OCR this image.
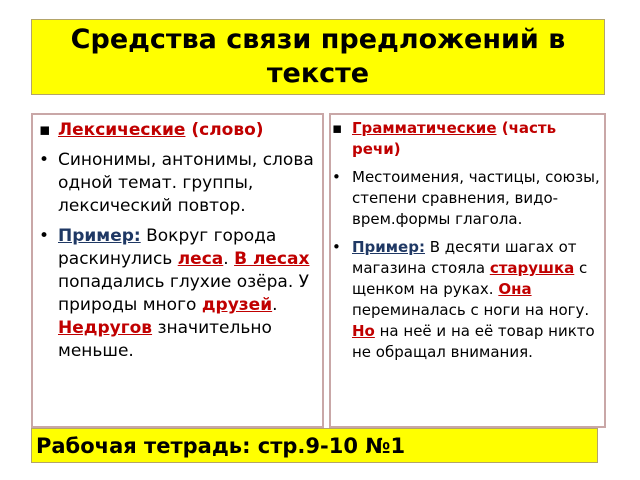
Средства связи предложений в тексте
▪ Лексические (слово)
• Синонимы, антонимы, слова одной темат. группы, лексический повтор.
• Пример: Вокруг города раскинулись леса. В лесах попадались глухие озёра. У природы много друзей. Недругов значительно меньше.
▪ Грамматические (часть речи)
• Местоимения, частицы, союзы, степени сравнения, видо-врем.формы глагола.
• Пример: В десяти шагах от магазина стояла старушка с щенком на руках. Она переминалась с ноги на ногу. Но на неё и на её товар никто не обращал внимания.
Рабочая тетрадь: стр.9-10 №1
